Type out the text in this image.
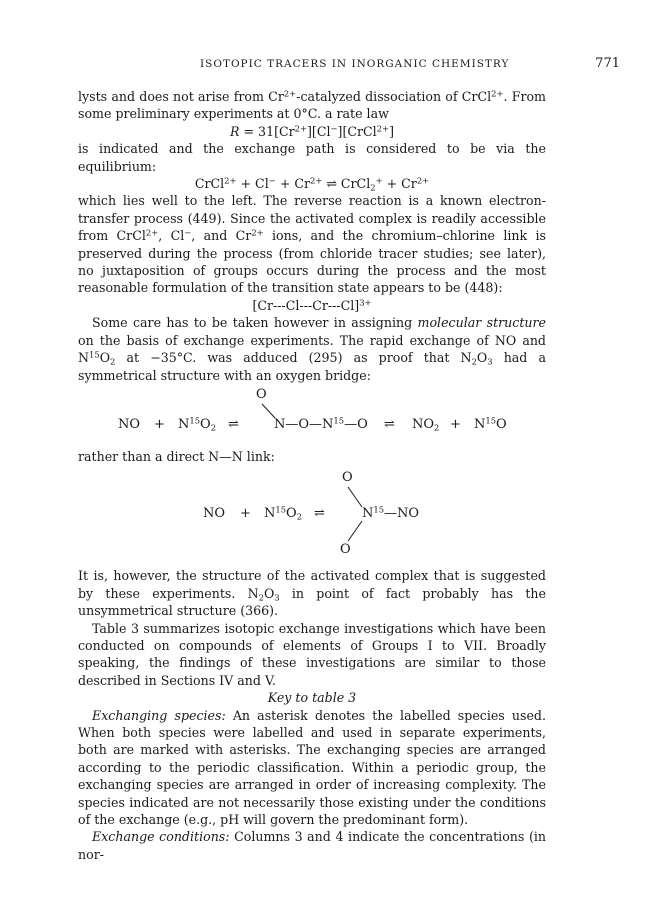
ISOTOPIC TRACERS IN INORGANIC CHEMISTRY	771

lysts and does not arise from $Cr^{2+}$-catalyzed dissociation of CrCl$^{2+}$. From some preliminary experiments at 0°C. a rate law

$R = 31[Cr^{2+}][Cl^-][CrCl^{2+}]$

is indicated and the exchange path is considered to be via the equilibrium:

CrCl$^{2+}$ + $Cl^- + Cr^{2+}$ ⇌ CrCl$_2$+ + $Cr^{2+}$

which lies well to the left. The reverse reaction is a known electron-transfer process (449). Since the activated complex is readily accessible from CrCl$^{2+}$, Cl−, and $Cr^{2+}$ ions, and the chromium–chlorine link is preserved during the process (from chloride tracer studies; see later), no juxtaposition of groups occurs during the process and the most reasonable formulation of the transition state appears to be (448):

$[Cr---Cl---Cr---Cl]^{3+}$

Some care has to be taken however in assigning molecular structure on the basis of exchange experiments. The rapid exchange of NO and $N^{15}O_2$ at −35°C. was adduced (295) as proof that $N_2O_3$ had a symmetrical structure with an oxygen bridge:

O
NO + $N^{15}O_2$ ⇌	$N—O—N^{15}—O$ ⇌ $NO_2 + N^{15}O$

rather than a direct N—N link:

O
NO + $N^{15}O_2$ ⇌	$N^{15}—NO$
O

It is, however, the structure of the activated complex that is suggested by these experiments. $N_2O_3$ in point of fact probably has the unsymmetrical structure (366).

Table 3 summarizes isotopic exchange investigations which have been conducted on compounds of elements of Groups I to VII. Broadly speaking, the findings of these investigations are similar to those described in Sections IV and V.

Key to table 3

Exchanging species: An asterisk denotes the labelled species used. When both species were labelled and used in separate experiments, both are marked with asterisks. The exchanging species are arranged according to the periodic classification. Within a periodic group, the exchanging species are arranged in order of increasing complexity. The species indicated are not necessarily those existing under the conditions of the exchange (e.g., pH will govern the predominant form).

Exchange conditions: Columns 3 and 4 indicate the concentrations (in nor-
